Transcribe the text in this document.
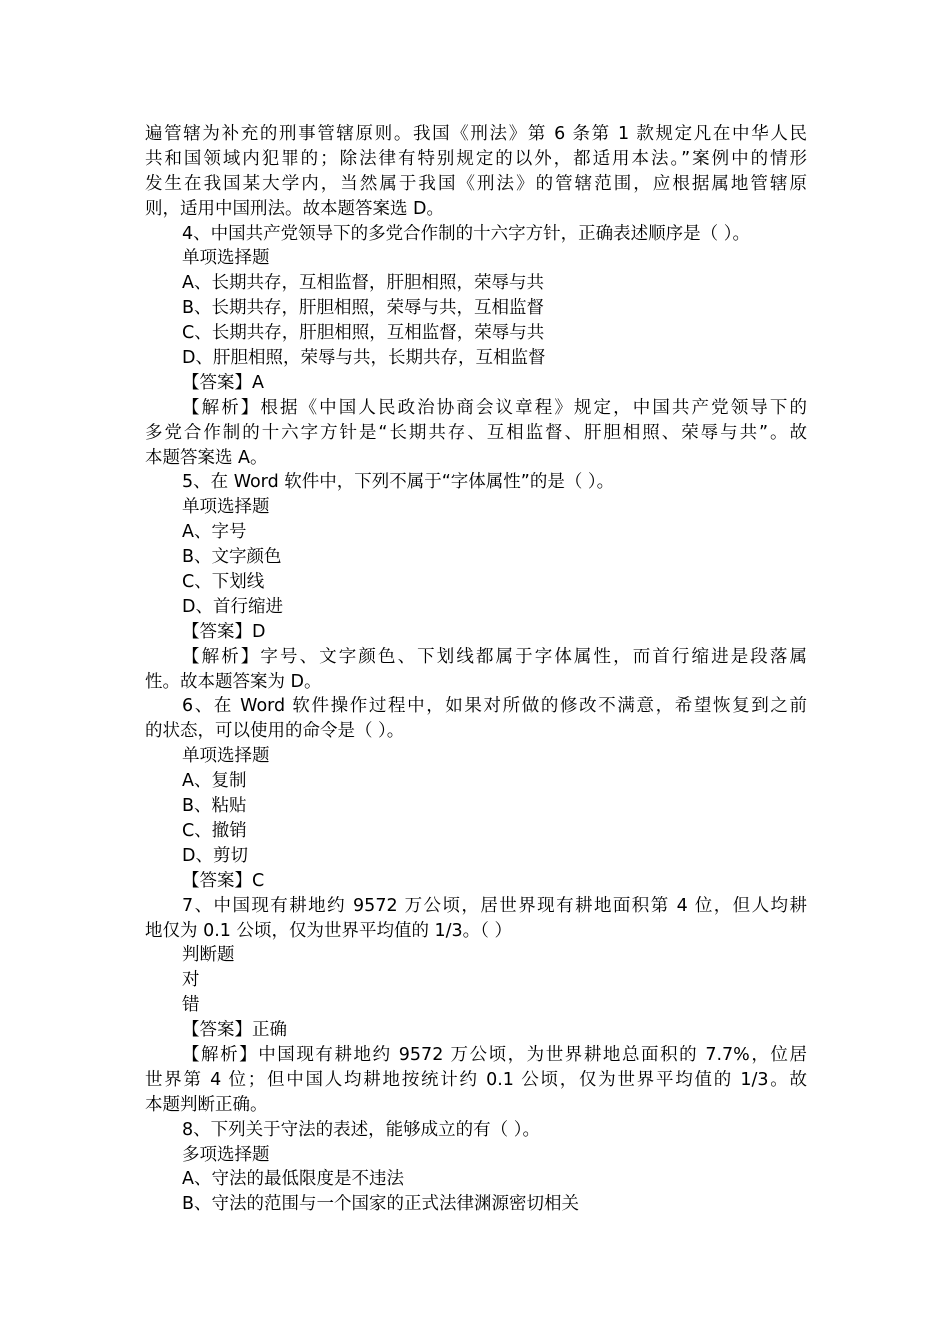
遍管辖为补充的刑事管辖原则。我国《刑法》第 6 条第 1 款规定凡在中华人民
共和国领域内犯罪的；除法律有特别规定的以外，都适用本法。”案例中的情形
发生在我国某大学内，当然属于我国《刑法》的管辖范围，应根据属地管辖原
则，适用中国刑法。故本题答案选 D。
4、中国共产党领导下的多党合作制的十六字方针，正确表述顺序是（ ）。
单项选择题
A、长期共存，互相监督，肝胆相照，荣辱与共
B、长期共存，肝胆相照，荣辱与共，互相监督
C、长期共存，肝胆相照，互相监督，荣辱与共
D、肝胆相照，荣辱与共，长期共存，互相监督
【答案】A
【解析】根据《中国人民政治协商会议章程》规定，中国共产党领导下的
多党合作制的十六字方针是“长期共存、互相监督、肝胆相照、荣辱与共”。故
本题答案选 A。
5、在 Word 软件中，下列不属于“字体属性”的是（ ）。
单项选择题
A、字号
B、文字颜色
C、下划线
D、首行缩进
【答案】D
【解析】字号、文字颜色、下划线都属于字体属性，而首行缩进是段落属
性。故本题答案为 D。
6、在 Word 软件操作过程中，如果对所做的修改不满意，希望恢复到之前
的状态，可以使用的命令是（ ）。
单项选择题
A、复制
B、粘贴
C、撤销
D、剪切
【答案】C
7、中国现有耕地约 9572 万公顷，居世界现有耕地面积第 4 位，但人均耕
地仅为 0.1 公顷，仅为世界平均值的 1/3。（ ）
判断题
对
错
【答案】正确
【解析】中国现有耕地约 9572 万公顷，为世界耕地总面积的 7.7%，位居
世界第 4 位；但中国人均耕地按统计约 0.1 公顷，仅为世界平均值的 1/3。故
本题判断正确。
8、下列关于守法的表述，能够成立的有（ ）。
多项选择题
A、守法的最低限度是不违法
B、守法的范围与一个国家的正式法律渊源密切相关
